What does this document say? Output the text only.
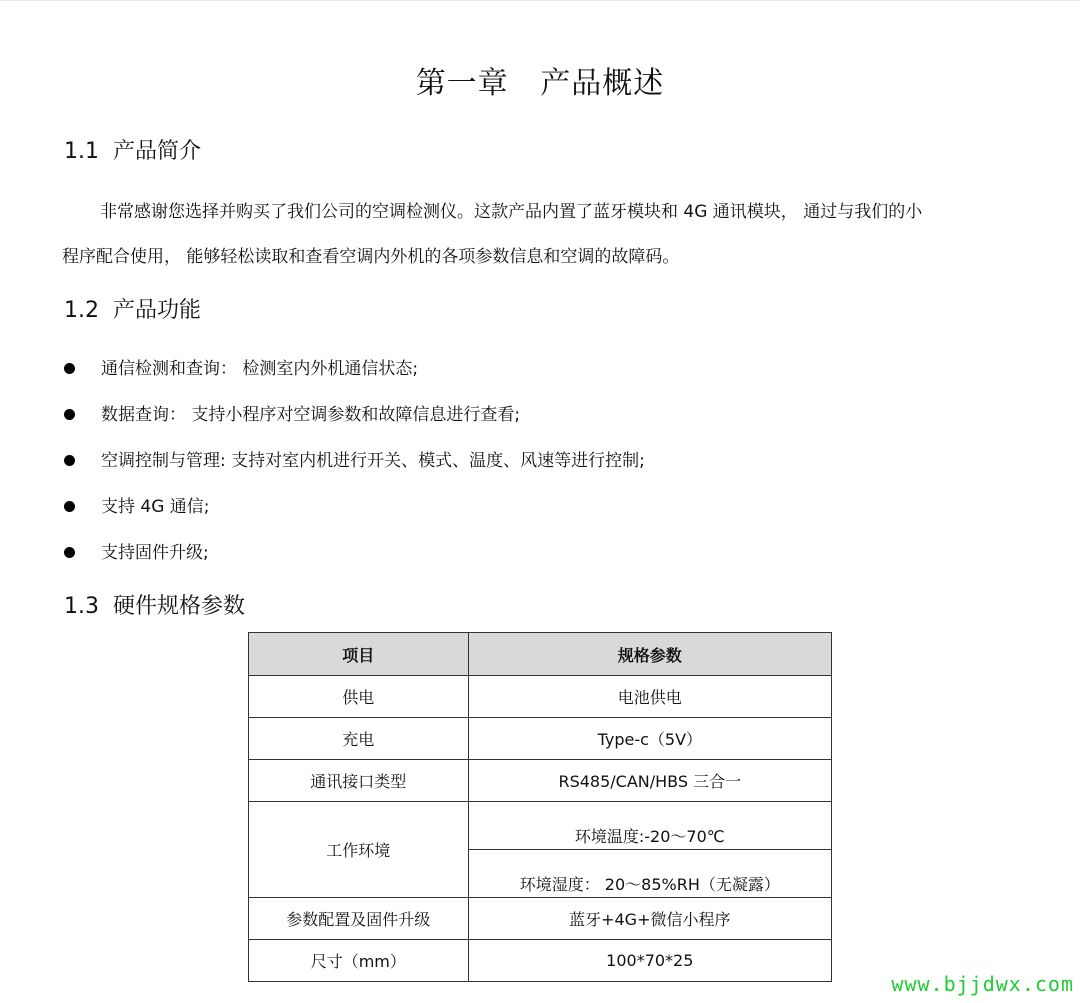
第一章   产品概述
1.1  产品简介
非常感谢您选择并购买了我们公司的空调检测仪。这款产品内置了蓝牙模块和 4G 通讯模块， 通过与我们的小
程序配合使用， 能够轻松读取和查看空调内外机的各项参数信息和空调的故障码。
1.2  产品功能
通信检测和查询： 检测室内外机通信状态;
数据查询： 支持小程序对空调参数和故障信息进行查看;
空调控制与管理: 支持对室内机进行开关、模式、温度、风速等进行控制;
支持 4G 通信;
支持固件升级;
1.3  硬件规格参数
项目	规格参数
供电	电池供电
充电	Type-c（5V）
通讯接口类型	RS485/CAN/HBS 三合一
工作环境	环境温度:-20～70℃
	环境湿度： 20～85%RH（无凝露）
参数配置及固件升级	蓝牙+4G+微信小程序
尺寸（mm）	100*70*25
www.bjjdwx.com
